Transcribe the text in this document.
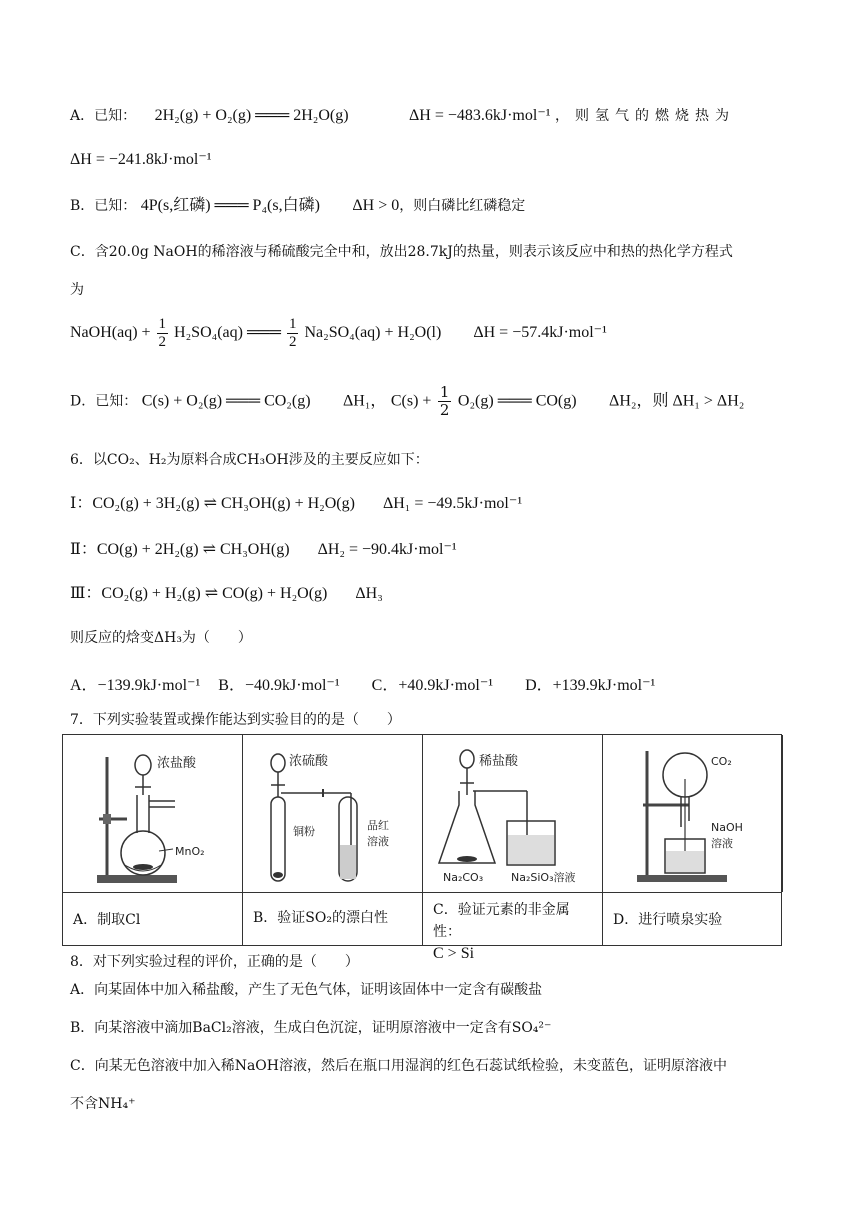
A．已知： 2H₂(g) + O₂(g) ═══ 2H₂O(g)	ΔH = −483.6kJ·mol⁻¹ ，则氢气的燃烧热为
ΔH = −241.8kJ·mol⁻¹
B．已知： 4P(s,红磷) ═══ P₄(s,白磷) ΔH > 0，则白磷比红磷稳定
C．含20.0g NaOH的稀溶液与稀硫酸完全中和，放出28.7kJ的热量，则表示该反应中和热的热化学方程式
为
NaOH(aq) + $\frac{1}{2} H_2SO_4(aq)$ ═══ $\frac{1}{2} Na_2SO_4(aq) + H_2O(l) \Delta H = -57.4kJ\cdot mol^{-1}$
D．已知： C(s) + O₂(g) ═══ CO₂(g) ΔH₁， $C(s) + \frac{1}{2} O_2(g)$ ═══ CO(g) ΔH₂，则 ΔH₁ > ΔH₂
6．以CO₂、H₂为原料合成CH₃OH涉及的主要反应如下：
Ⅰ：CO₂(g) + 3H₂(g) ⇌ CH₃OH(g) + H₂O(g) ΔH₁ = −49.5kJ·mol⁻¹
Ⅱ：CO(g) + 2H₂(g) ⇌ CH₃OH(g) ΔH₂ = −90.4kJ·mol⁻¹
Ⅲ：CO₂(g) + H₂(g) ⇌ CO(g) + H₂O(g) ΔH₃
则反应的焓变ΔH₃为（　　）
A．−139.9kJ·mol⁻¹ B．−40.9kJ·mol⁻¹ C．+40.9kJ·mol⁻¹ D．+139.9kJ·mol⁻¹
7．下列实验装置或操作能达到实验目的的是（　　）
浓盐酸
MnO₂
浓硫酸
铜粉	品红
溶液
稀盐酸
Na₂CO₃	Na₂SiO₃溶液
CO₂
NaOH
溶液
A．制取Cl	B．验证SO₂的漂白性	C．验证元素的非金属性：
C > Si
D．进行喷泉实验
8．对下列实验过程的评价，正确的是（　　）
A．向某固体中加入稀盐酸，产生了无色气体，证明该固体中一定含有碳酸盐
B．向某溶液中滴加BaCl₂溶液，生成白色沉淀，证明原溶液中一定含有SO₄²⁻
C．向某无色溶液中加入稀NaOH溶液，然后在瓶口用湿润的红色石蕊试纸检验，未变蓝色，证明原溶液中
不含NH₄⁺
